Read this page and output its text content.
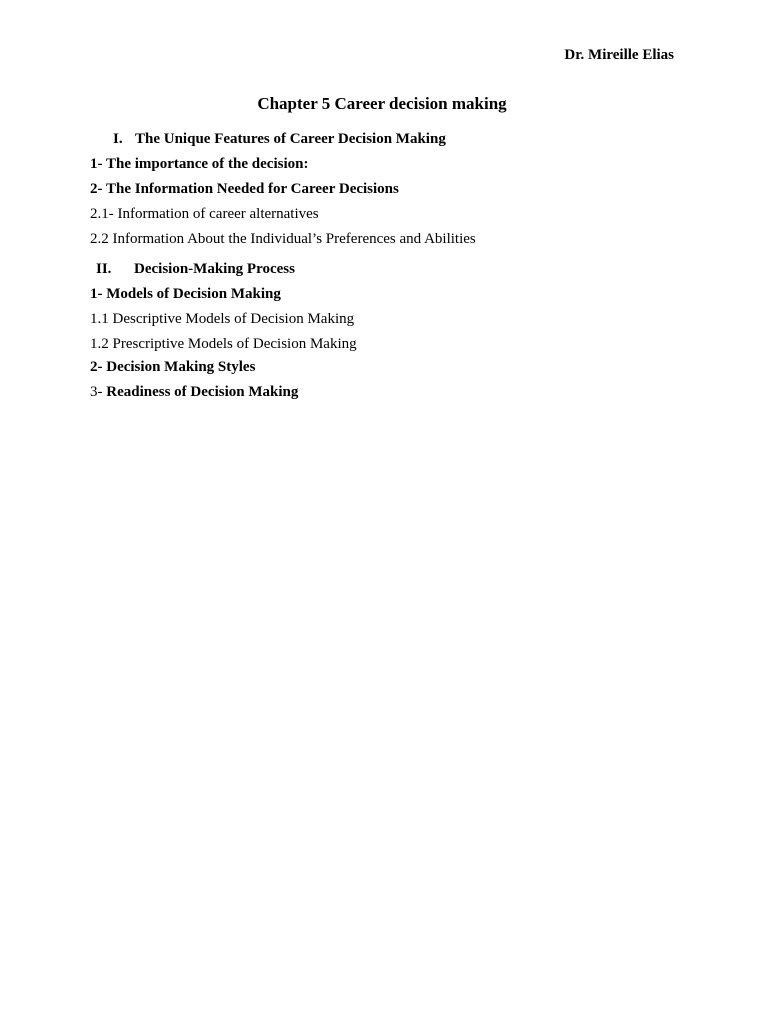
Dr. Mireille Elias
Chapter 5 Career decision making
I. The Unique Features of Career Decision Making
1- The importance of the decision:
2- The Information Needed for Career Decisions
2.1- Information of career alternatives
2.2 Information About the Individual’s Preferences and Abilities
II. Decision-Making Process
1- Models of Decision Making
1.1 Descriptive Models of Decision Making
1.2 Prescriptive Models of Decision Making
2- Decision Making Styles
3- Readiness of Decision Making
